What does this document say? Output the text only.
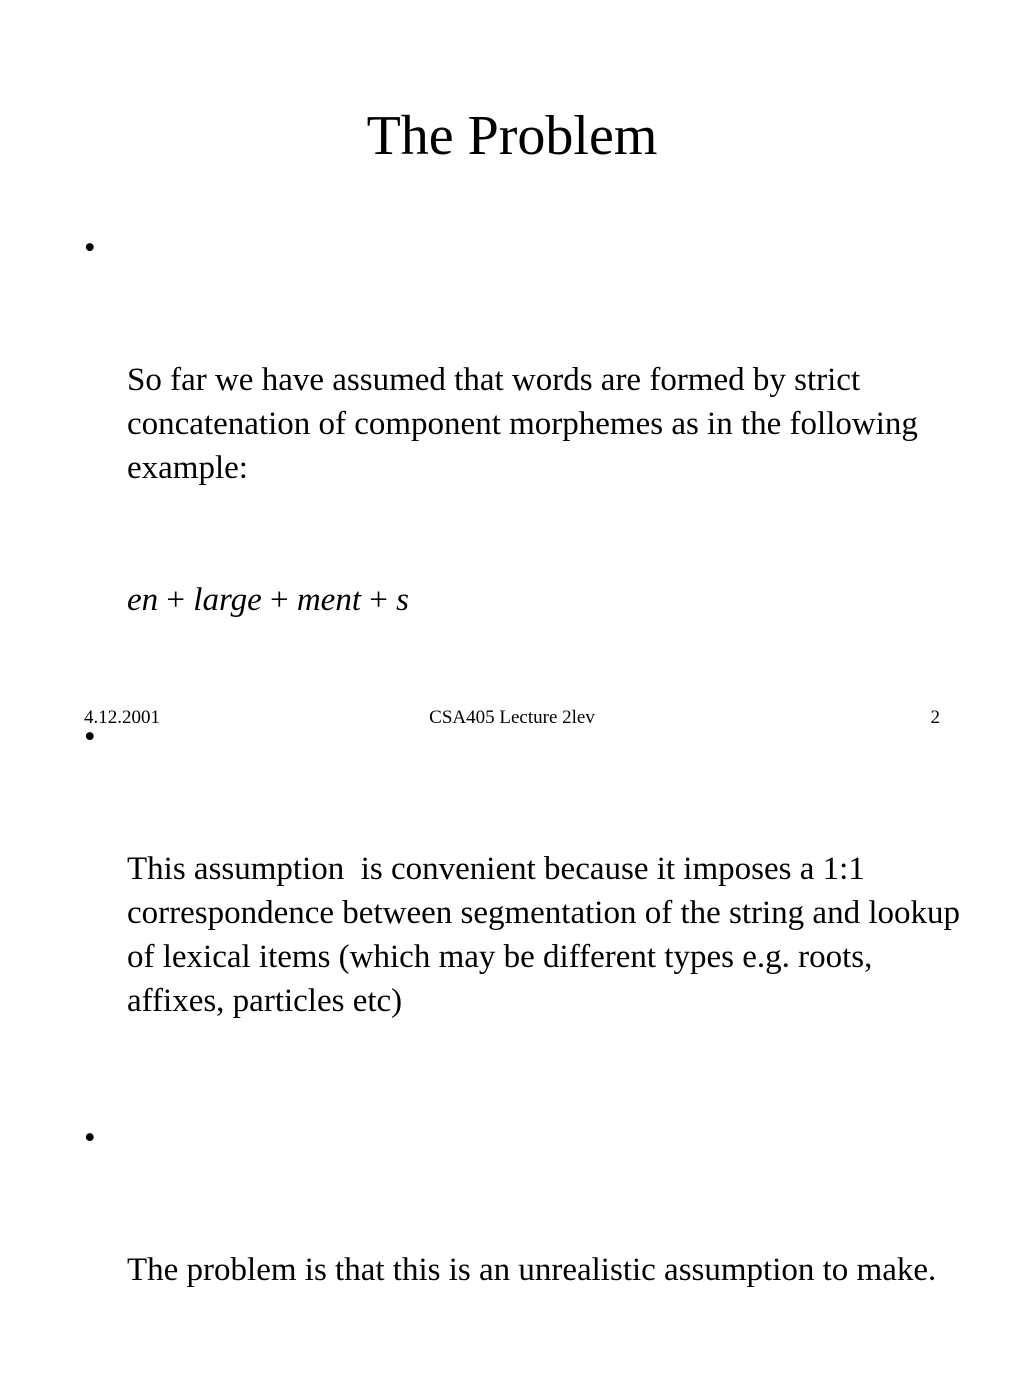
The Problem

•

So far we have assumed that words are formed by strict concatenation of component morphemes as in the following example:

en + large + ment + s

•

This assumption  is convenient because it imposes a 1:1 correspondence between segmentation of the string and lookup of lexical items (which may be different types e.g. roots, affixes, particles etc)

•

The problem is that this is an unrealistic assumption to make.

4.12.2001	CSA405 Lecture 2lev	2
